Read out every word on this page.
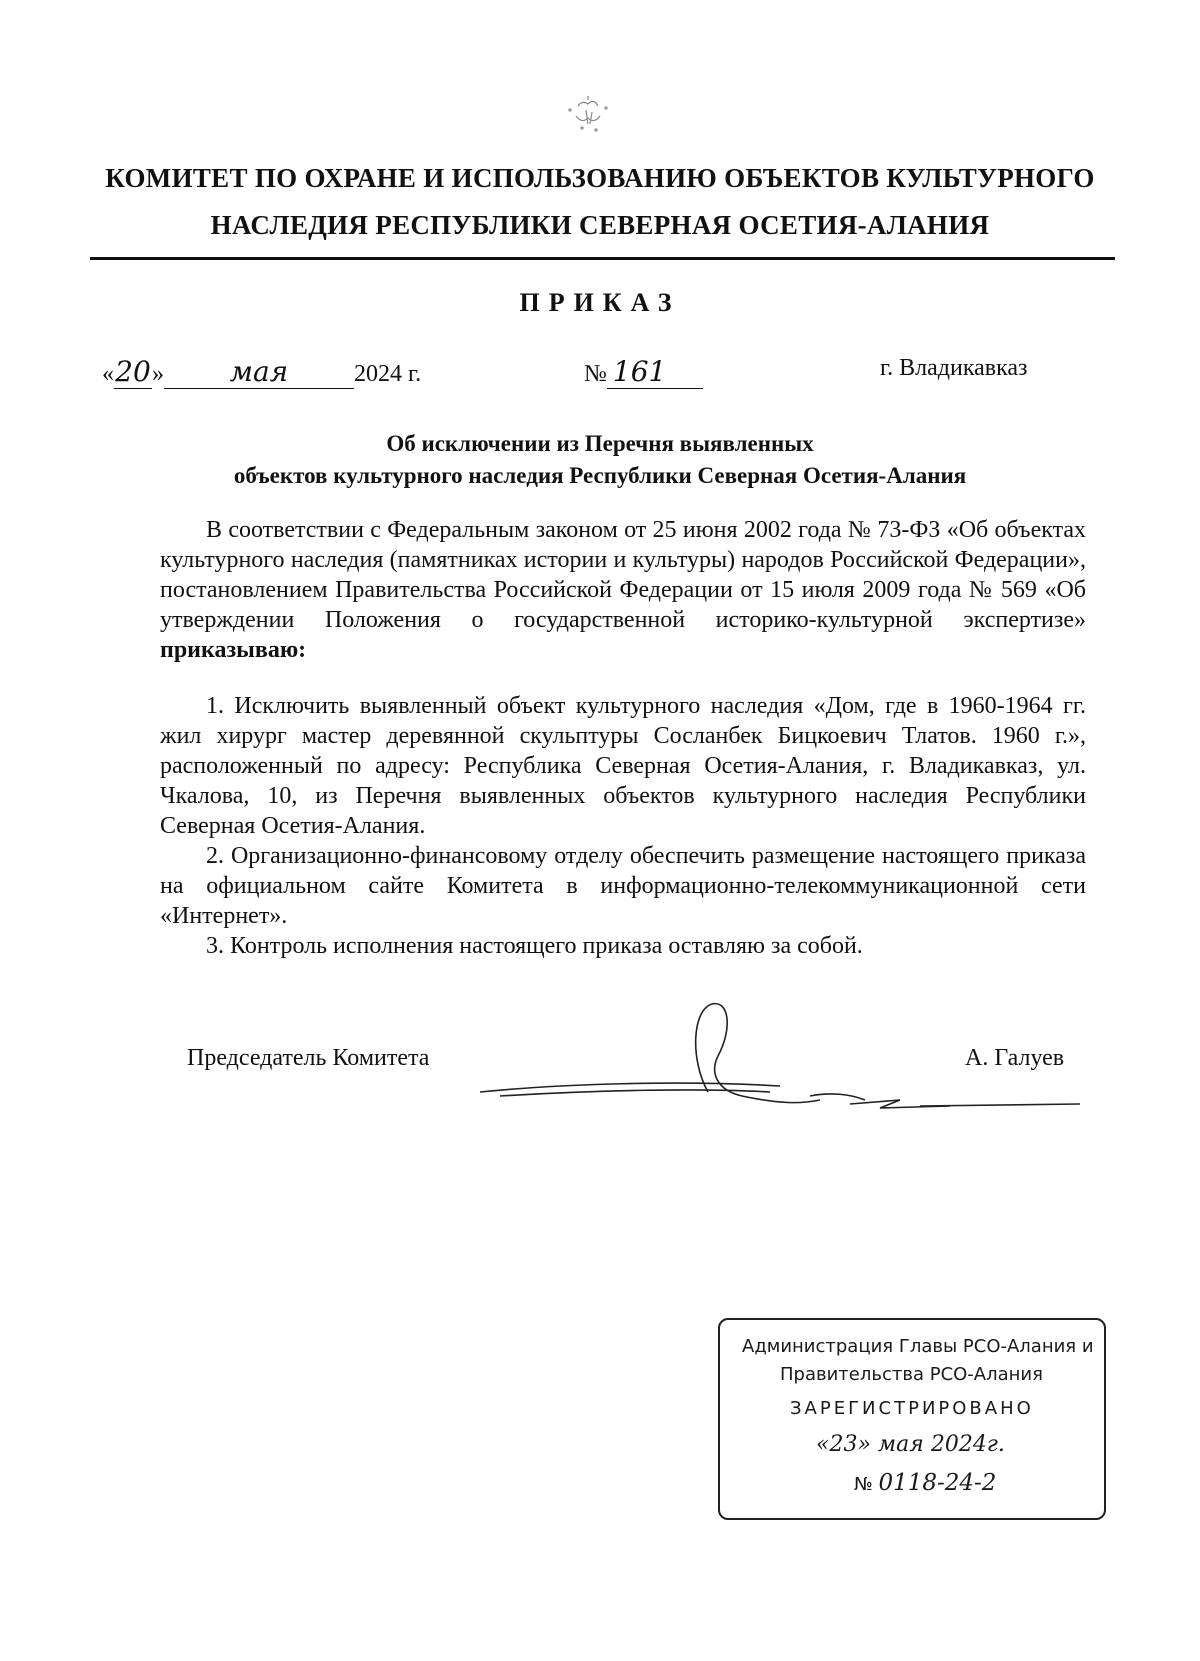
КОМИТЕТ ПО ОХРАНЕ И ИСПОЛЬЗОВАНИЮ ОБЪЕКТОВ КУЛЬТУРНОГО
НАСЛЕДИЯ РЕСПУБЛИКИ СЕВЕРНАЯ ОСЕТИЯ-АЛАНИЯ
ПРИКАЗ
«20» мая	2024 г.	№ 161	г. Владикавказ
Об исключении из Перечня выявленных
объектов культурного наследия Республики Северная Осетия-Алания

В соответствии с Федеральным законом от 25 июня 2002 года № 73-ФЗ «Об объектах культурного наследия (памятниках истории и культуры) народов Российской Федерации», постановлением Правительства Российской Федерации от 15 июля 2009 года № 569 «Об утверждении Положения о государственной историко-культурной экспертизе» приказываю:

1. Исключить выявленный объект культурного наследия «Дом, где в 1960-1964 гг. жил хирург мастер деревянной скульптуры Сосланбек Бицкоевич Тлатов. 1960 г.», расположенный по адресу: Республика Северная Осетия-Алания, г. Владикавказ, ул. Чкалова, 10, из Перечня выявленных объектов культурного наследия Республики Северная Осетия-Алания.

2. Организационно-финансовому отделу обеспечить размещение настоящего приказа на официальном сайте Комитета в информационно-телекоммуникационной сети «Интернет».

3. Контроль исполнения настоящего приказа оставляю за собой.

Председатель Комитета	А. Галуев
Администрация Главы РСО-Алания и
Правительства РСО-Алания
ЗАРЕГИСТРИРОВАНО
«23» мая 2024г.
№ 0118-24-2
